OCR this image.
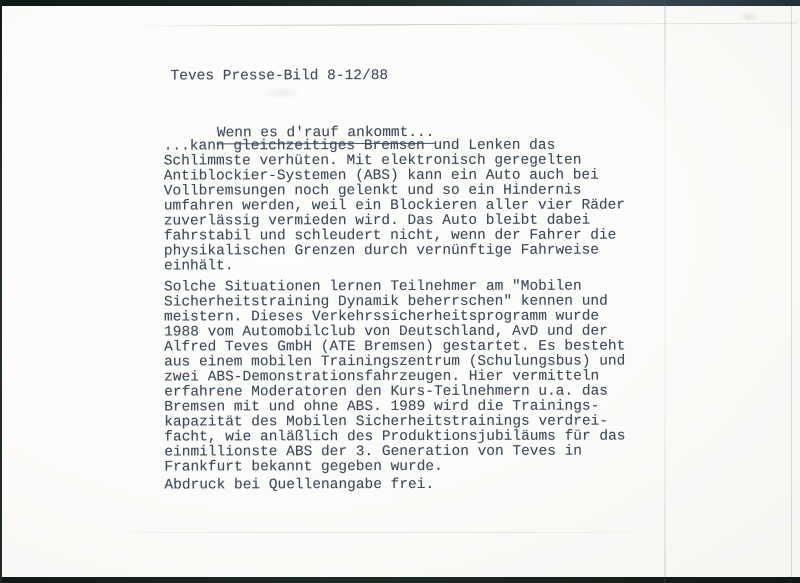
Teves Presse-Bild 8-12/88

Wenn es d'rauf ankommt...

...kann gleichzeitiges Bremsen und Lenken das
Schlimmste verhüten. Mit elektronisch geregelten
Antiblockier-Systemen (ABS) kann ein Auto auch bei
Vollbremsungen noch gelenkt und so ein Hindernis
umfahren werden, weil ein Blockieren aller vier Räder
zuverlässig vermieden wird. Das Auto bleibt dabei
fahrstabil und schleudert nicht, wenn der Fahrer die
physikalischen Grenzen durch vernünftige Fahrweise
einhält.
Solche Situationen lernen Teilnehmer am "Mobilen
Sicherheitstraining Dynamik beherrschen" kennen und
meistern. Dieses Verkehrssicherheitsprogramm wurde
1988 vom Automobilclub von Deutschland, AvD und der
Alfred Teves GmbH (ATE Bremsen) gestartet. Es besteht
aus einem mobilen Trainingszentrum (Schulungsbus) und
zwei ABS-Demonstrationsfahrzeugen. Hier vermitteln
erfahrene Moderatoren den Kurs-Teilnehmern u.a. das
Bremsen mit und ohne ABS. 1989 wird die Trainings-
kapazität des Mobilen Sicherheitstrainings verdrei-
facht, wie anläßlich des Produktionsjubiläums für das
einmillionste ABS der 3. Generation von Teves in
Frankfurt bekannt gegeben wurde.
Abdruck bei Quellenangabe frei.
